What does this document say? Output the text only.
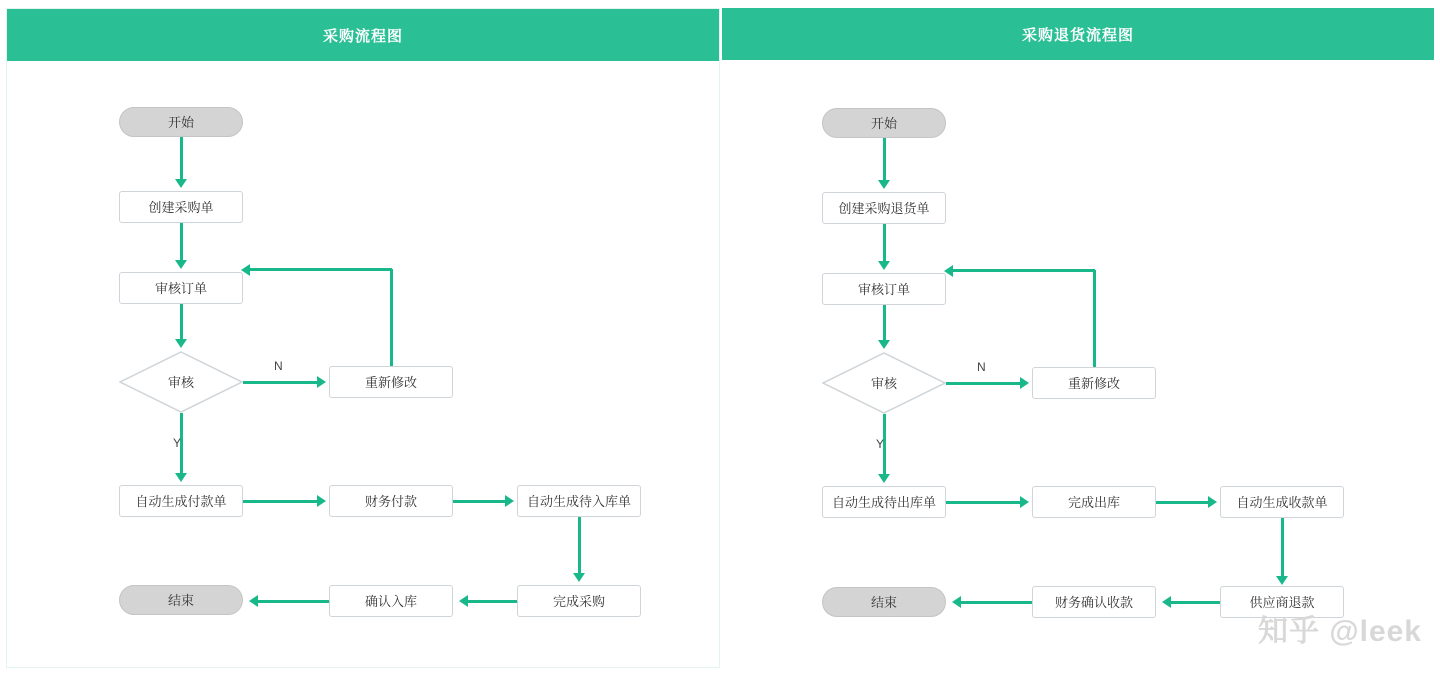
采购流程图
开始
创建采购单
审核订单
审核	重新修改
自动生成付款单	财务付款	自动生成待入库单
完成采购
确认入库
结束
N
Y
采购退货流程图
开始
创建采购退货单
审核订单
审核	重新修改
自动生成待出库单	完成出库	自动生成收款单
供应商退款
财务确认收款
结束
N
Y
知乎 @leek
